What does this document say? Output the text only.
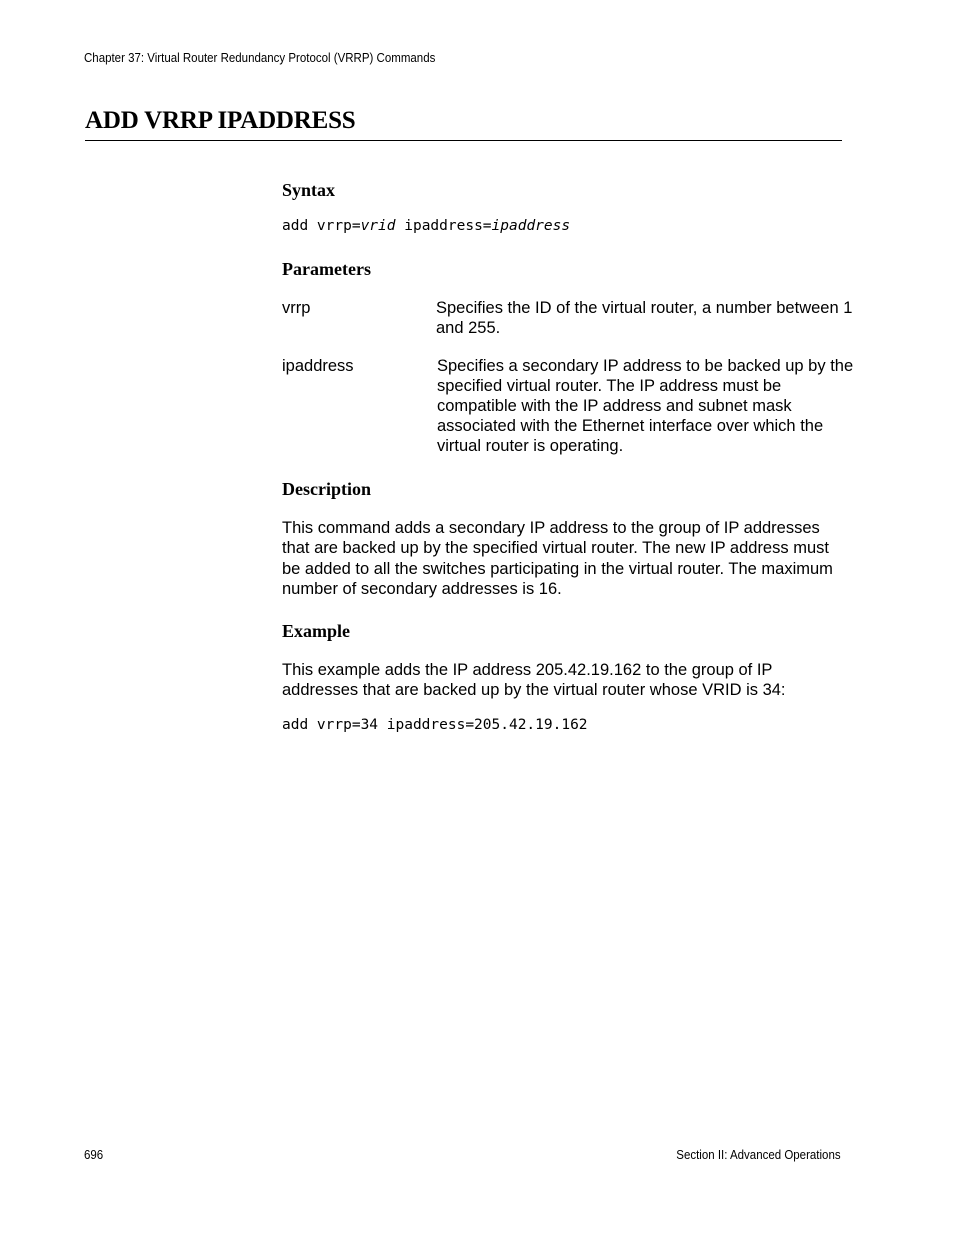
Chapter 37: Virtual Router Redundancy Protocol (VRRP) Commands
ADD VRRP IPADDRESS
Syntax
add vrrp=vrid ipaddress=ipaddress
Parameters
vrrp	Specifies the ID of the virtual router, a number between 1 and 255.
ipaddress	Specifies a secondary IP address to be backed up by the specified virtual router. The IP address must be compatible with the IP address and subnet mask associated with the Ethernet interface over which the virtual router is operating.
Description
This command adds a secondary IP address to the group of IP addresses that are backed up by the specified virtual router. The new IP address must be added to all the switches participating in the virtual router. The maximum number of secondary addresses is 16.
Example
This example adds the IP address 205.42.19.162 to the group of IP addresses that are backed up by the virtual router whose VRID is 34:
add vrrp=34 ipaddress=205.42.19.162
696	Section II: Advanced Operations
